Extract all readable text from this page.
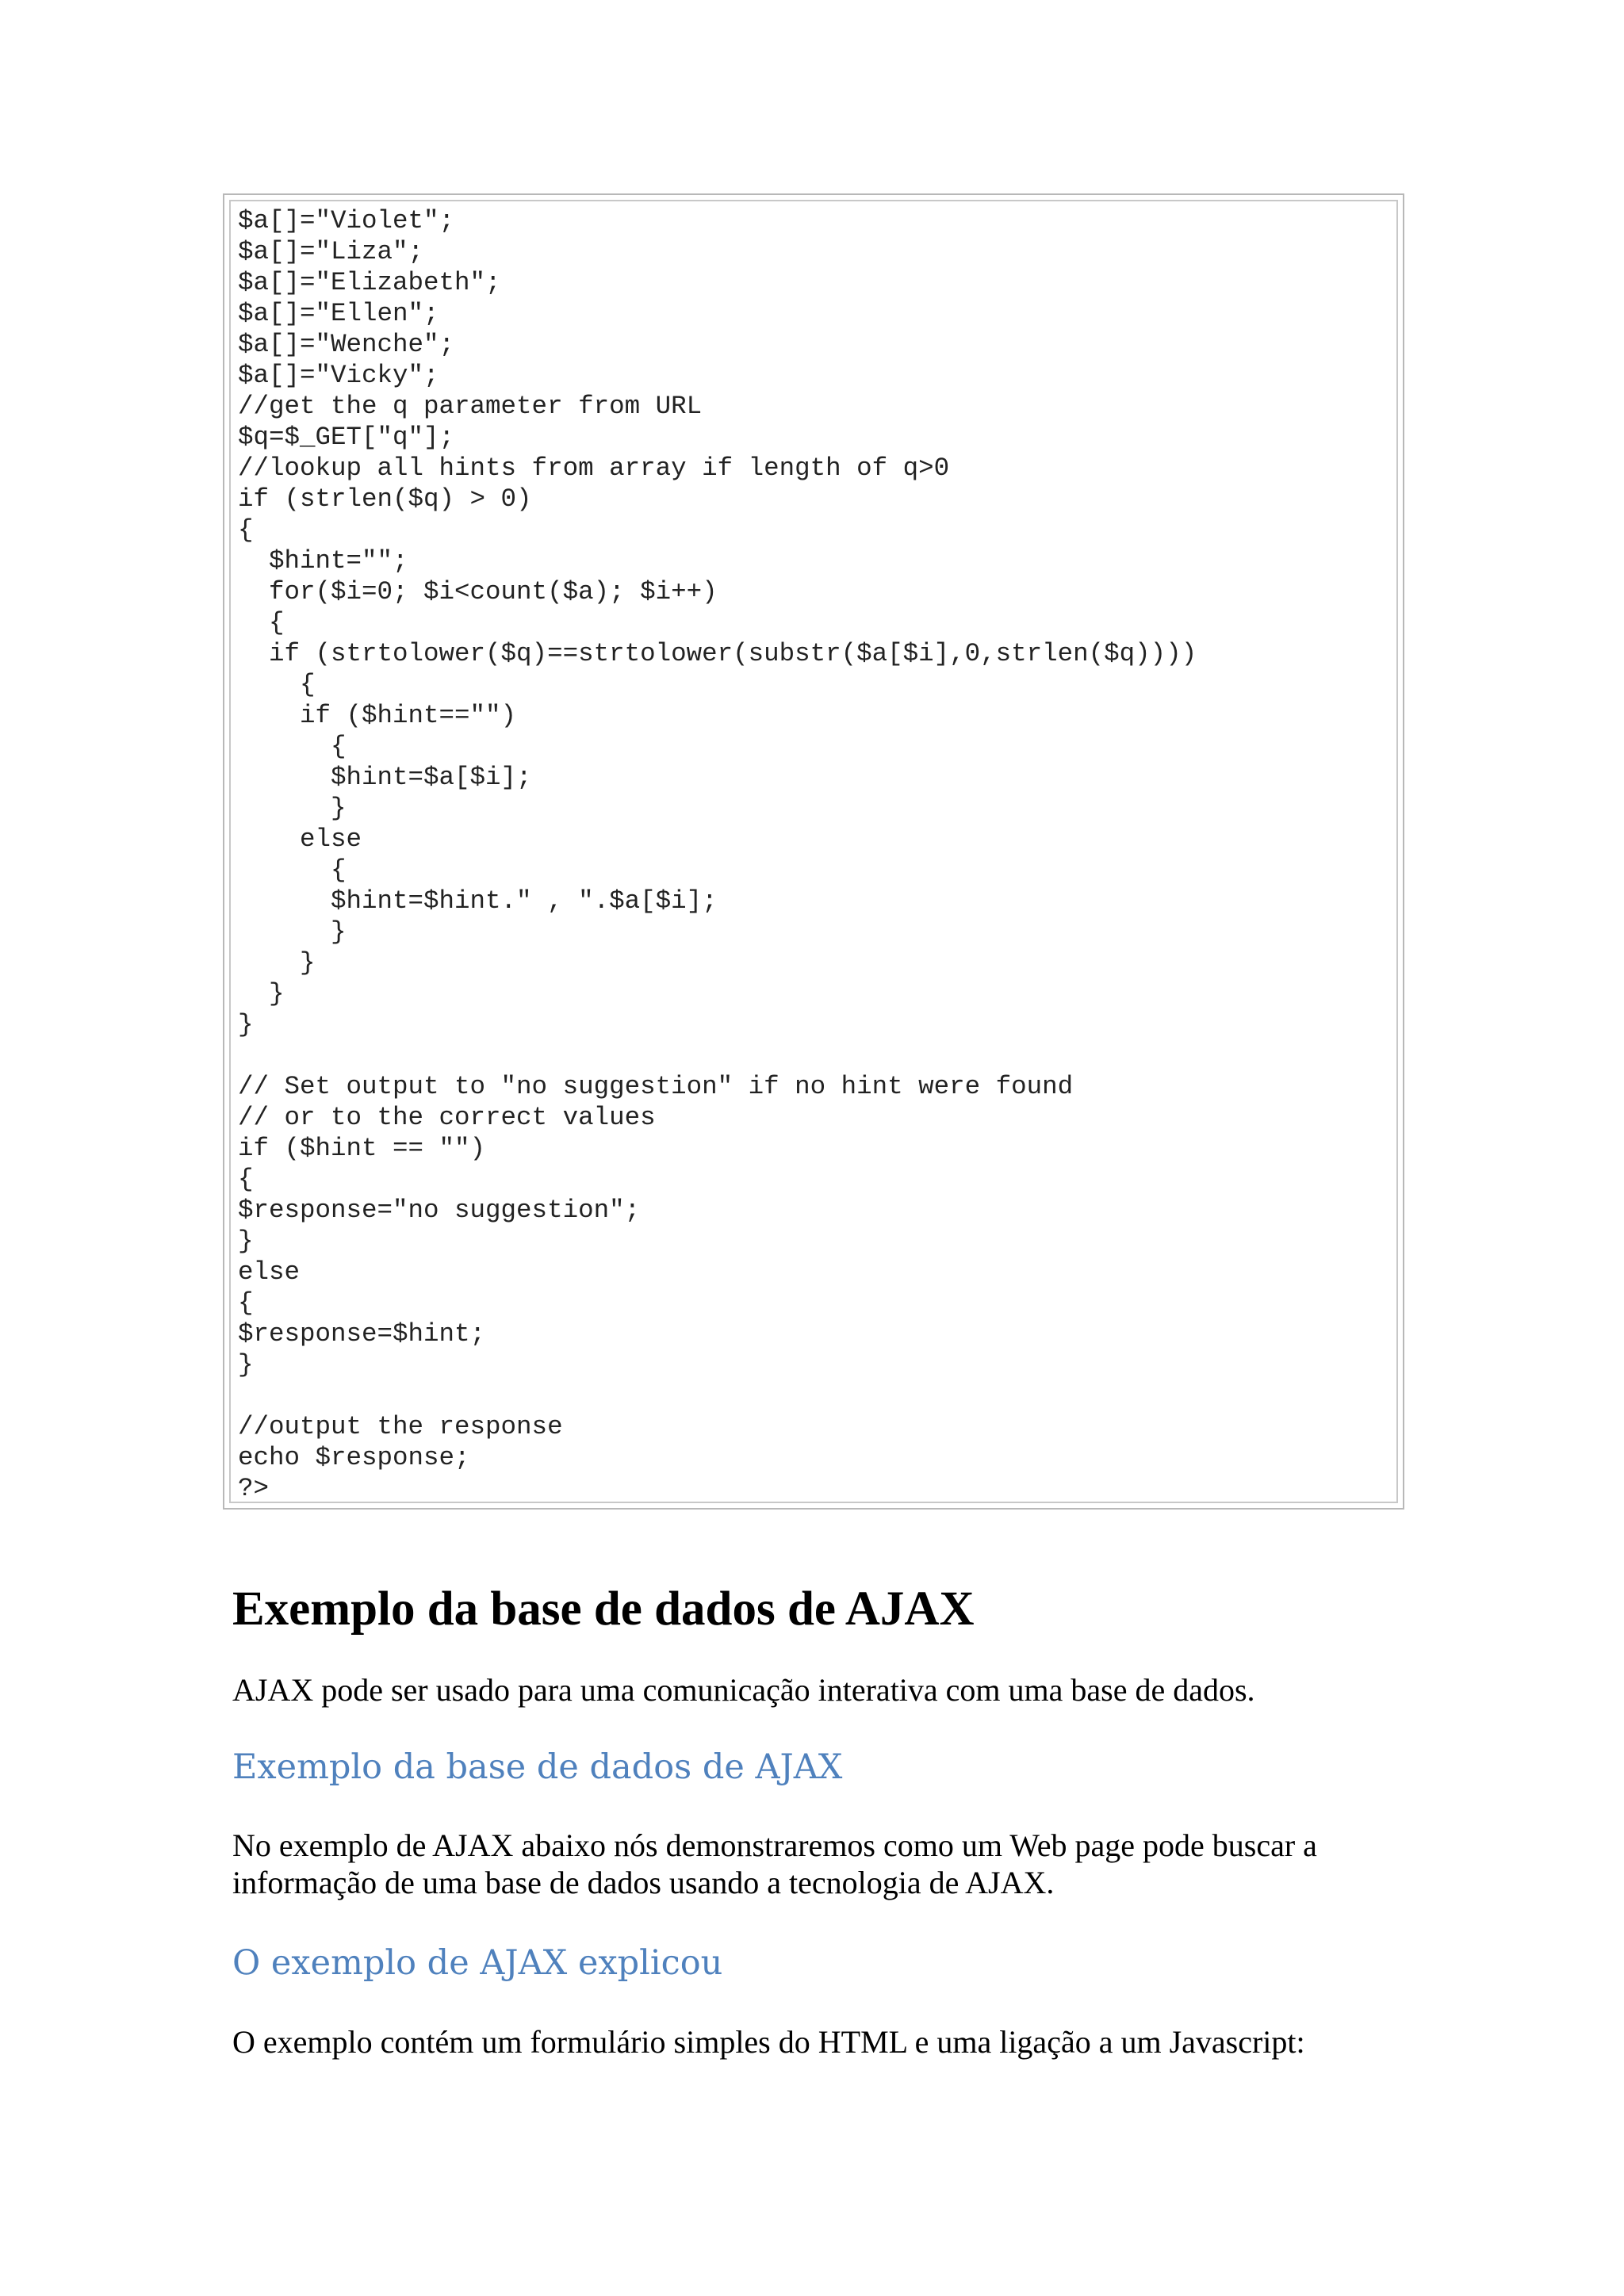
$a[]="Violet";
$a[]="Liza";
$a[]="Elizabeth";
$a[]="Ellen";
$a[]="Wenche";
$a[]="Vicky";
//get the q parameter from URL
$q=$_GET["q"];
//lookup all hints from array if length of q>0
if (strlen($q) > 0)
{
$hint="";
for($i=0; $i<count($a); $i++)
{
if (strtolower($q)==strtolower(substr($a[$i],0,strlen($q))))
{
if ($hint=="")
{
$hint=$a[$i];
}
else
{
$hint=$hint." , ".$a[$i];
}
}
}
}
// Set output to "no suggestion" if no hint were found
// or to the correct values
if ($hint == "")
{
$response="no suggestion";
}
else
{
$response=$hint;
}
//output the response
echo $response;
?>
Exemplo da base de dados de AJAX

AJAX pode ser usado para uma comunicação interativa com uma base de dados.

Exemplo da base de dados de AJAX

No exemplo de AJAX abaixo nós demonstraremos como um Web page pode buscar a informação de uma base de dados usando a tecnologia de AJAX.

O exemplo de AJAX explicou

O exemplo contém um formulário simples do HTML e uma ligação a um Javascript:
